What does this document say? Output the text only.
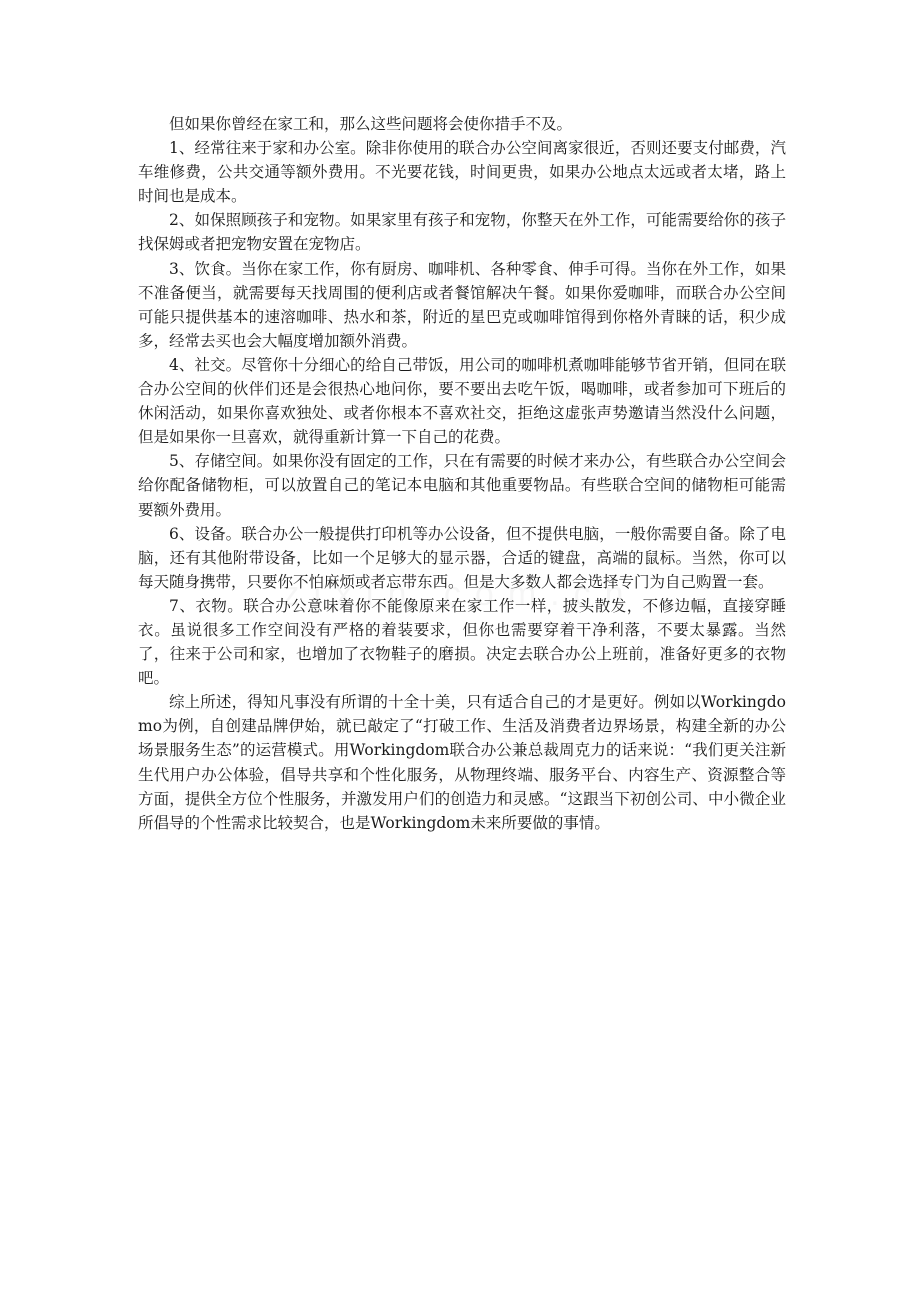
但如果你曾经在家工和，那么这些问题将会使你措手不及。

1、经常往来于家和办公室。除非你使用的联合办公空间离家很近，否则还要支付邮费，汽车维修费，公共交通等额外费用。不光要花钱，时间更贵，如果办公地点太远或者太堵，路上时间也是成本。

2、如保照顾孩子和宠物。如果家里有孩子和宠物，你整天在外工作，可能需要给你的孩子找保姆或者把宠物安置在宠物店。

3、饮食。当你在家工作，你有厨房、咖啡机、各种零食、伸手可得。当你在外工作，如果不准备便当，就需要每天找周围的便利店或者餐馆解决午餐。如果你爱咖啡，而联合办公空间可能只提供基本的速溶咖啡、热水和茶，附近的星巴克或咖啡馆得到你格外青睐的话，积少成多，经常去买也会大幅度增加额外消费。

4、社交。尽管你十分细心的给自己带饭，用公司的咖啡机煮咖啡能够节省开销，但同在联合办公空间的伙伴们还是会很热心地问你，要不要出去吃午饭，喝咖啡，或者参加可下班后的休闲活动，如果你喜欢独处、或者你根本不喜欢社交，拒绝这虚张声势邀请当然没什么问题，但是如果你一旦喜欢，就得重新计算一下自己的花费。

5、存储空间。如果你没有固定的工作，只在有需要的时候才来办公，有些联合办公空间会给你配备储物柜，可以放置自己的笔记本电脑和其他重要物品。有些联合空间的储物柜可能需要额外费用。

6、设备。联合办公一般提供打印机等办公设备，但不提供电脑，一般你需要自备。除了电脑，还有其他附带设备，比如一个足够大的显示器，合适的键盘，高端的鼠标。当然，你可以每天随身携带，只要你不怕麻烦或者忘带东西。但是大多数人都会选择专门为自己购置一套。

7、衣物。联合办公意味着你不能像原来在家工作一样，披头散发，不修边幅，直接穿睡衣。虽说很多工作空间没有严格的着装要求，但你也需要穿着干净利落，不要太暴露。当然了，往来于公司和家，也增加了衣物鞋子的磨损。决定去联合办公上班前，准备好更多的衣物吧。

综上所述，得知凡事没有所谓的十全十美，只有适合自己的才是更好。例如以Workingdomo为例，自创建品牌伊始，就已敲定了“打破工作、生活及消费者边界场景，构建全新的办公场景服务生态”的运营模式。用Workingdom联合办公兼总裁周克力的话来说：“我们更关注新生代用户办公体验，倡导共享和个性化服务，从物理终端、服务平台、内容生产、资源整合等方面，提供全方位个性服务，并激发用户们的创造力和灵感。“这跟当下初创公司、中小微企业所倡导的个性需求比较契合，也是Workingdom未来所要做的事情。
